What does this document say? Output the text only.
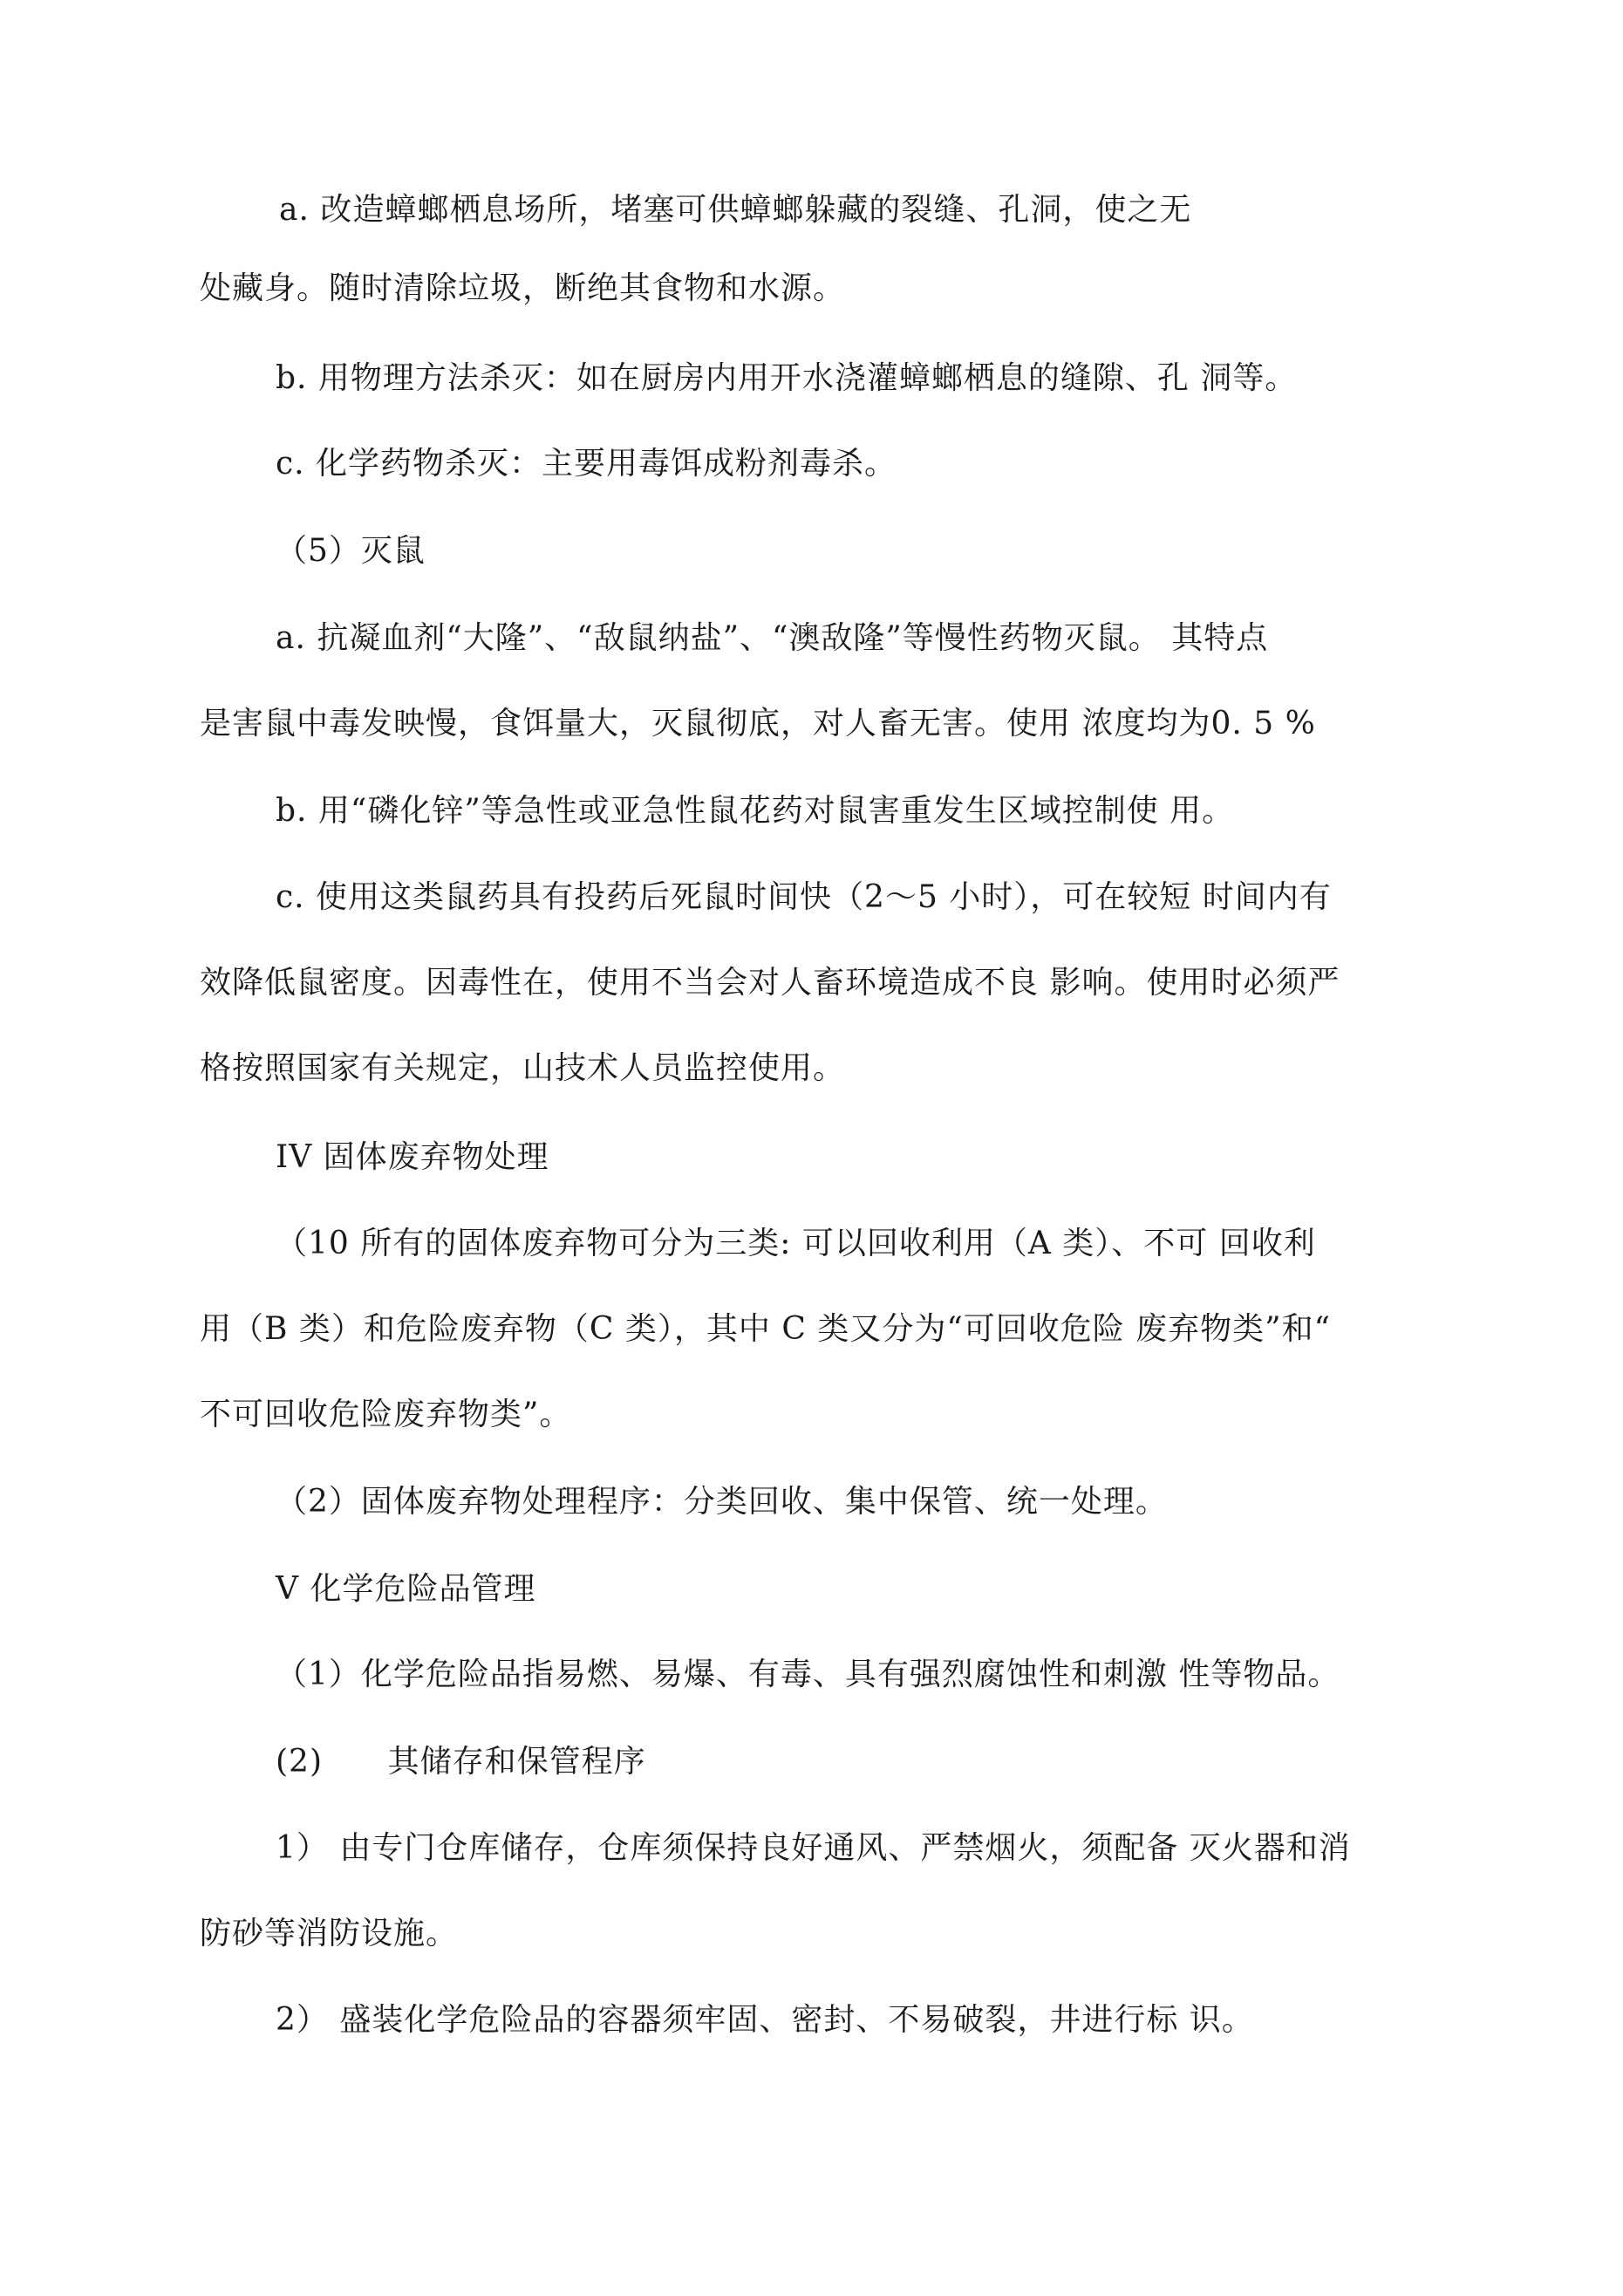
a. 改造蟑螂栖息场所，堵塞可供蟑螂躲藏的裂缝、孔洞，使之无
处藏身。随时清除垃圾，断绝其食物和水源。
b. 用物理方法杀灭：如在厨房内用开水浇灌蟑螂栖息的缝隙、孔 洞等。
c. 化学药物杀灭：主要用毒饵成粉剂毒杀。
（5）灭鼠
a. 抗凝血剂“大隆”、“敌鼠纳盐”、“澳敌隆”等慢性药物灭鼠。 其特点
是害鼠中毒发映慢，食饵量大，灭鼠彻底，对人畜无害。使用 浓度均为0. 5 %
b. 用“磷化锌”等急性或亚急性鼠花药对鼠害重发生区域控制使 用。
c. 使用这类鼠药具有投药后死鼠时间快（2〜5 小时），可在较短 时间内有
效降低鼠密度。因毒性在，使用不当会对人畜环境造成不良 影响。使用时必须严
格按照国家有关规定，山技术人员监控使用。
IV 固体废弃物处理
（10 所有的固体废弃物可分为三类: 可以回收利用（A 类）、不可 回收利
用（B 类）和危险废弃物（C 类），其中 C 类又分为“可回收危险 废弃物类”和“
不可回收危险废弃物类”。
（2）固体废弃物处理程序：分类回收、集中保管、统一处理。
V 化学危险品管理
（1）化学危险品指易燃、易爆、有毒、具有强烈腐蚀性和刺激 性等物品。
(2)      其储存和保管程序
1） 由专门仓库储存，仓库须保持良好通风、严禁烟火，须配备 灭火器和消
防砂等消防设施。
2） 盛装化学危险品的容器须牢固、密封、不易破裂，井进行标 识。
